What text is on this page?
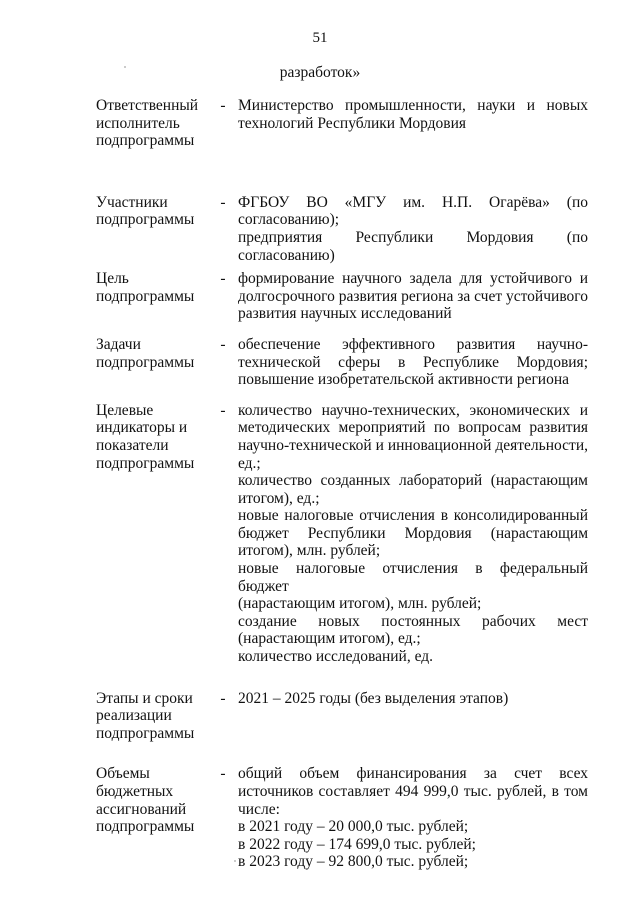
51
разработок»
Ответственный исполнитель подпрограммы
- Министерство промышленности, науки и новых
технологий Республики Мордовия
Участники подпрограммы
- ФГБОУ ВО «МГУ им. Н.П. Огарёва» (по
согласованию);
предприятия Республики Мордовия (по
согласованию)
Цель подпрограммы
- формирование научного задела для устойчивого и
долгосрочного развития региона за счет устойчивого
развития научных исследований
Задачи подпрограммы
- обеспечение эффективного развития научно-
технической сферы в Республике Мордовия;
повышение изобретательской активности региона
Целевые индикаторы и показатели подпрограммы
- количество научно-технических, экономических и
методических мероприятий по вопросам развития
научно-технической и инновационной деятельности,
ед.;
количество созданных лабораторий (нарастающим
итогом), ед.;
новые налоговые отчисления в консолидированный
бюджет Республики Мордовия (нарастающим
итогом), млн. рублей;
новые налоговые отчисления в федеральный бюджет
(нарастающим итогом), млн. рублей;
создание новых постоянных рабочих мест
(нарастающим итогом), ед.;
количество исследований, ед.
Этапы и сроки реализации подпрограммы
- 2021 – 2025 годы (без выделения этапов)
Объемы бюджетных ассигнований подпрограммы
- общий объем финансирования за счет всех
источников составляет 494 999,0 тыс. рублей, в том
числе:
в 2021 году – 20 000,0 тыс. рублей;
в 2022 году – 174 699,0 тыс. рублей;
в 2023 году – 92 800,0 тыс. рублей;
